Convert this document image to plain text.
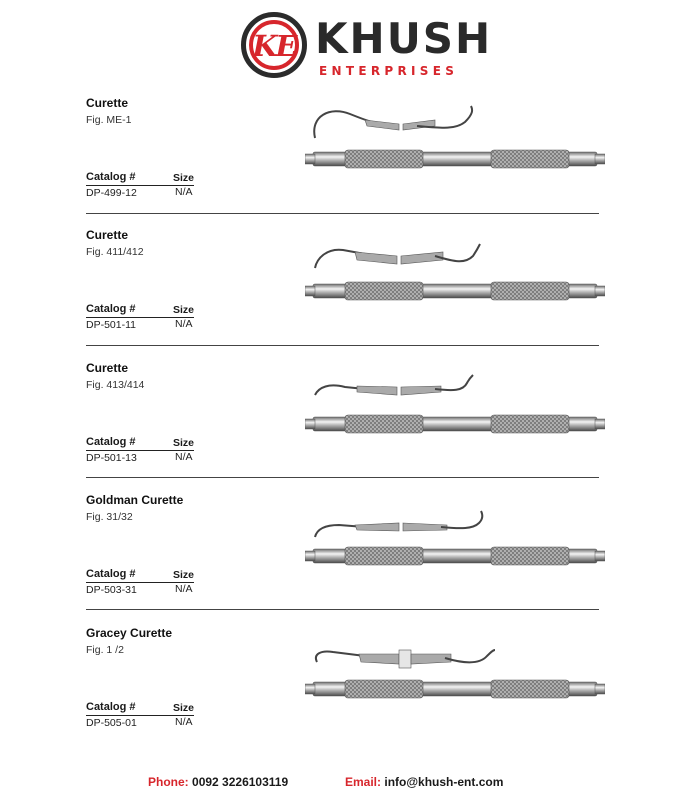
KE KHUSH
ENTERPRISES
Curette
Fig. ME-1
Catalog #	Size
DP-499-12	N/A
Curette
Fig. 411/412
Catalog #	Size
DP-501-11	N/A
Curette
Fig. 413/414
Catalog #	Size
DP-501-13	N/A
Goldman Curette
Fig. 31/32
Catalog #	Size
DP-503-31	N/A
Gracey Curette
Fig. 1 /2
Catalog #	Size
DP-505-01	N/A
Phone: 0092 3226103119	Email: info@khush-ent.com
